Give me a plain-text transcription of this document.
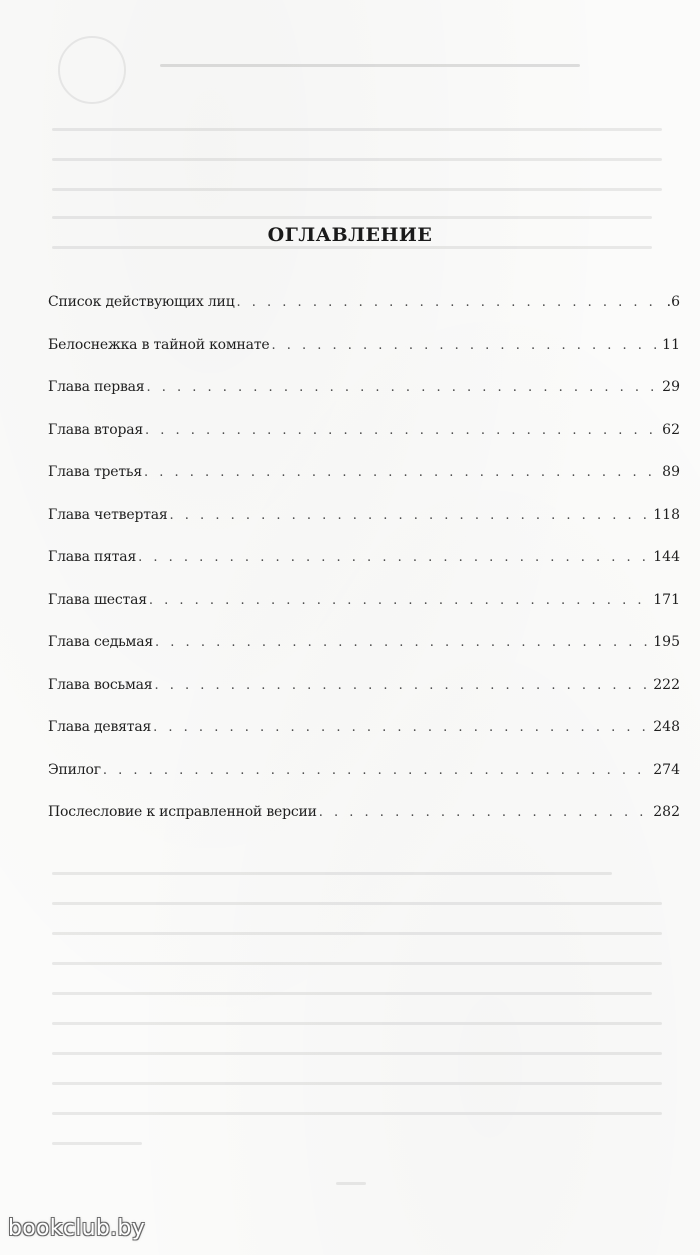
ОГЛАВЛЕНИЕ
Список действующих лиц . . .	.6
Белоснежка в тайной комнате . . .	11
Глава первая . . .	29
Глава вторая . . .	62
Глава третья . . .	89
Глава четвертая . . .	118
Глава пятая . . .	144
Глава шестая . . .	171
Глава седьмая . . .	195
Глава восьмая . . .	222
Глава девятая . . .	248
Эпилог . . .	274
Послесловие к исправленной версии . . .	282
bookclub.by
